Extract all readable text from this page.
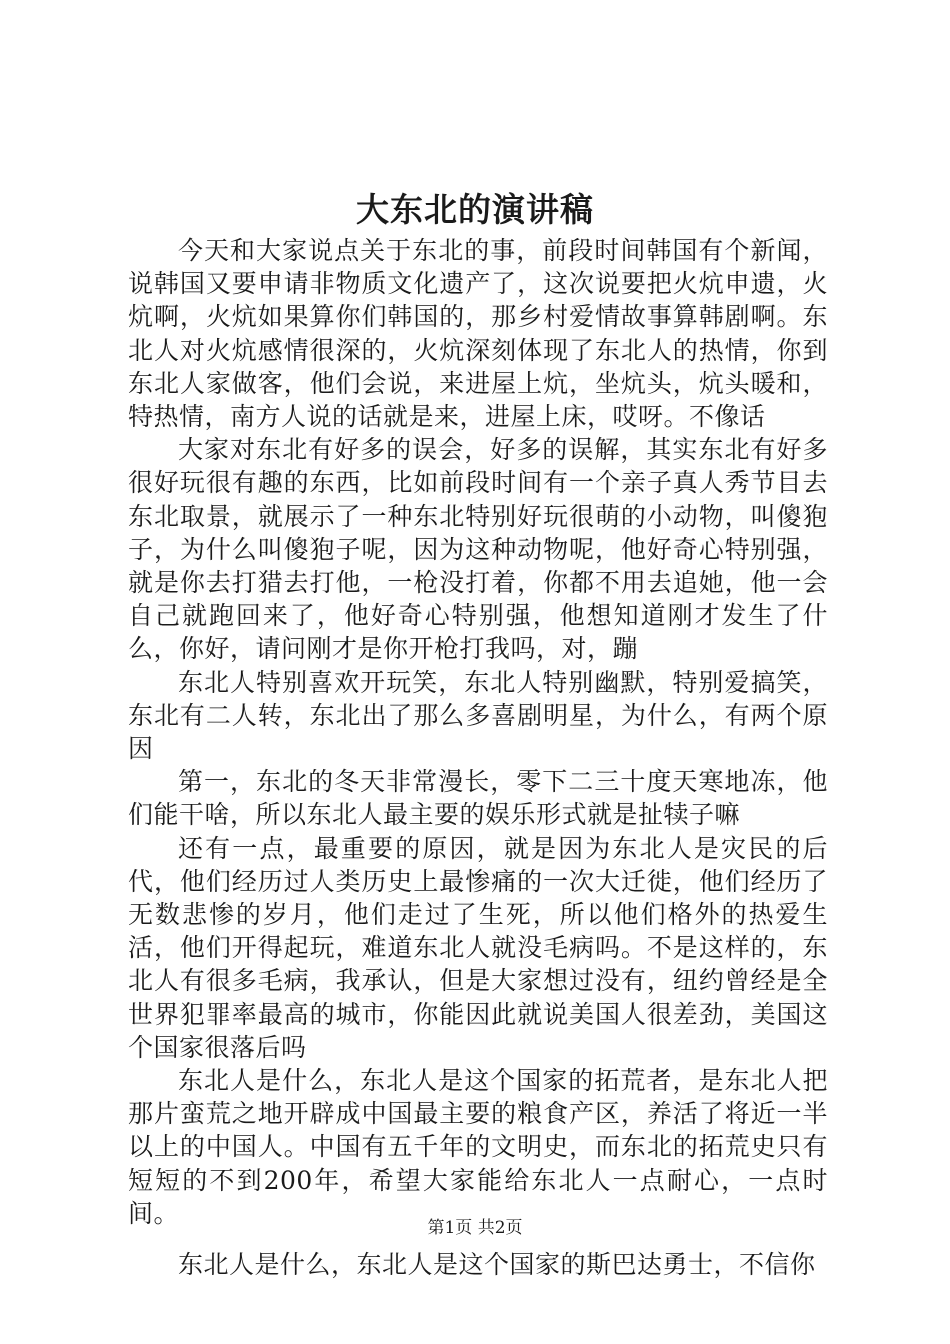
大东北的演讲稿

今天和大家说点关于东北的事，前段时间韩国有个新闻，说韩国又要申请非物质文化遗产了，这次说要把火炕申遗，火炕啊，火炕如果算你们韩国的，那乡村爱情故事算韩剧啊。东北人对火炕感情很深的，火炕深刻体现了东北人的热情，你到东北人家做客，他们会说，来进屋上炕，坐炕头，炕头暖和，特热情，南方人说的话就是来，进屋上床，哎呀。不像话

大家对东北有好多的误会，好多的误解，其实东北有好多很好玩很有趣的东西，比如前段时间有一个亲子真人秀节目去东北取景，就展示了一种东北特别好玩很萌的小动物，叫傻狍子，为什么叫傻狍子呢，因为这种动物呢，他好奇心特别强，就是你去打猎去打他，一枪没打着，你都不用去追她，他一会自己就跑回来了，他好奇心特别强，他想知道刚才发生了什么，你好，请问刚才是你开枪打我吗，对，蹦

东北人特别喜欢开玩笑，东北人特别幽默，特别爱搞笑，东北有二人转，东北出了那么多喜剧明星，为什么，有两个原因

第一，东北的冬天非常漫长，零下二三十度天寒地冻，他们能干啥，所以东北人最主要的娱乐形式就是扯犊子嘛

还有一点，最重要的原因，就是因为东北人是灾民的后代，他们经历过人类历史上最惨痛的一次大迁徙，他们经历了无数悲惨的岁月，他们走过了生死，所以他们格外的热爱生活，他们开得起玩，难道东北人就没毛病吗。不是这样的，东北人有很多毛病，我承认，但是大家想过没有，纽约曾经是全世界犯罪率最高的城市，你能因此就说美国人很差劲，美国这个国家很落后吗

东北人是什么，东北人是这个国家的拓荒者，是东北人把那片蛮荒之地开辟成中国最主要的粮食产区，养活了将近一半以上的中国人。中国有五千年的文明史，而东北的拓荒史只有短短的不到200年，希望大家能给东北人一点耐心，一点时间。

东北人是什么，东北人是这个国家的斯巴达勇士，不信你

第1页 共2页
